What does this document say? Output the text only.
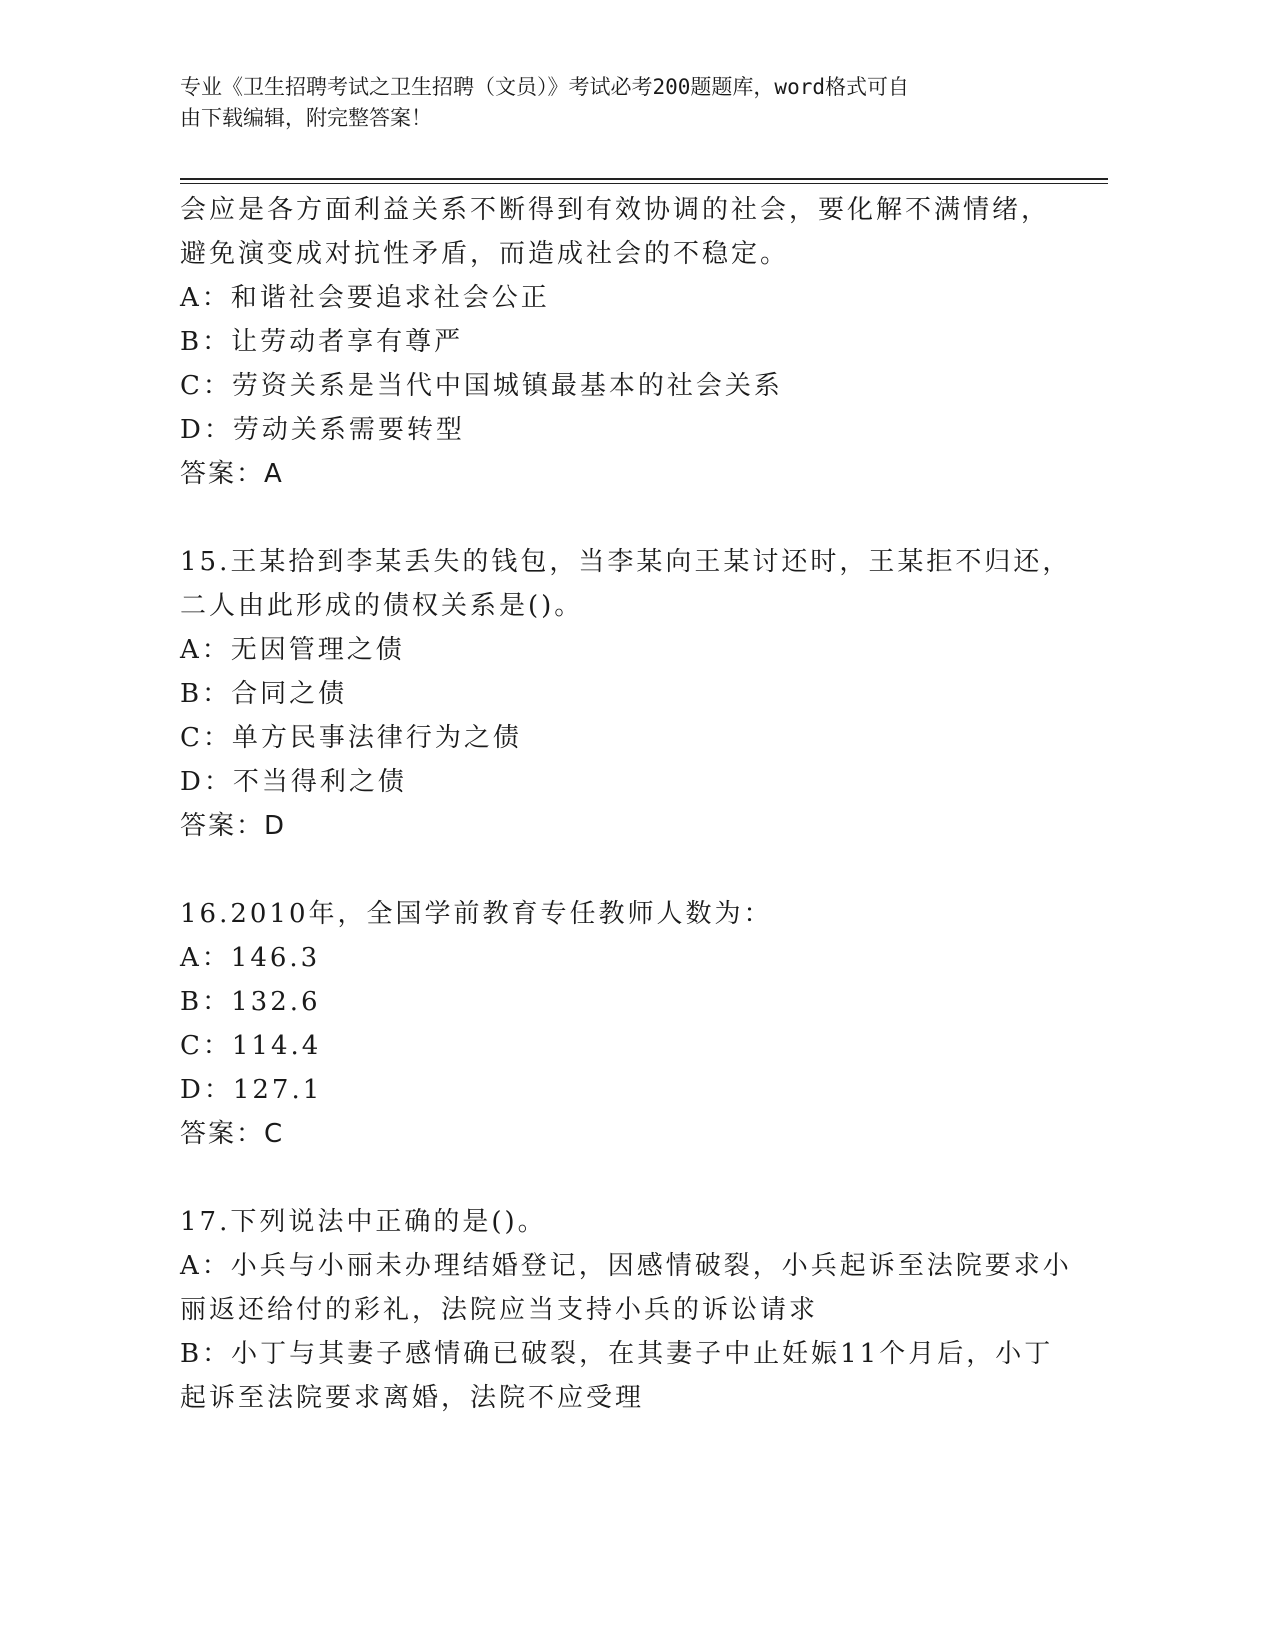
专业《卫生招聘考试之卫生招聘（文员）》考试必考200题题库，word格式可自
由下载编辑，附完整答案！
会应是各方面利益关系不断得到有效协调的社会，要化解不满情绪，
避免演变成对抗性矛盾，而造成社会的不稳定。
A：和谐社会要追求社会公正
B：让劳动者享有尊严
C：劳资关系是当代中国城镇最基本的社会关系
D：劳动关系需要转型
答案：A
15.王某拾到李某丢失的钱包，当李某向王某讨还时，王某拒不归还，
二人由此形成的债权关系是()。
A：无因管理之债
B：合同之债
C：单方民事法律行为之债
D：不当得利之债
答案：D
16.2010年，全国学前教育专任教师人数为：
A：146.3
B：132.6
C：114.4
D：127.1
答案：C
17.下列说法中正确的是()。
A：小兵与小丽未办理结婚登记，因感情破裂，小兵起诉至法院要求小
丽返还给付的彩礼，法院应当支持小兵的诉讼请求
B：小丁与其妻子感情确已破裂，在其妻子中止妊娠11个月后，小丁
起诉至法院要求离婚，法院不应受理
